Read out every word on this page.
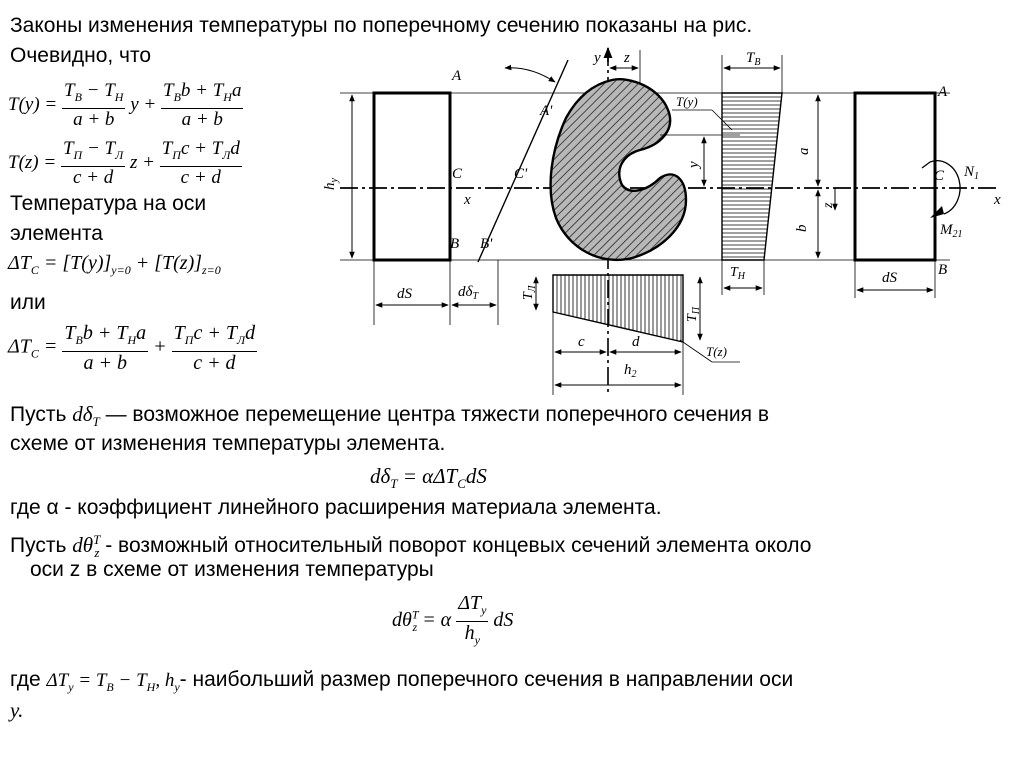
Законы изменения температуры по поперечному сечению показаны на рис.
Очевидно, что
Температура на оси
элемента
или
Пусть $d\delta_T$ — возможное перемещение центра тяжести поперечного сечения в
схеме от изменения температуры элемента.
где α - коэффициент линейного расширения материала элемента.
Пусть $d\theta^T_z$ - возможный относительный поворот концевых сечений элемента около
оси z в схеме от изменения температуры
где $\Delta T_y = T_В - T_Н$, $h_y-$ наибольший размер поперечного сечения в направлении оси
y.
$T(y) = \frac{T_В - T_Н}{a + b}$ $y + \frac{T_Вb + T_Нa}{a + b}$
$T(z) = \frac{T_П - T_Л}{c + d}$ $z + \frac{T_Пc + T_Лd}{c + d}$
$\Delta T_C = [T(y)]_{y=0} + [T(z)]_{z=0}$
$\Delta T_C = \frac{T_Вb + T_Нa}{a + b} + \frac{T_Пc + T_Лd}{c + d}$
$d\delta_T = \alpha\Delta T_CdS$
$d\theta^T_z = \alpha \frac{\Delta T_y}{h_y}$ dS
$h_y$
dS	$d\delta_T$
A
C
B
A'
C'
B'
x
y z	$T_B$
$T_H$
T(y)
y
a
b
z
A
C
B
x
$N_1$
$M_{21}$
dS
$T_Л$
$T_П$
T(z)
c	d
$h_2$
